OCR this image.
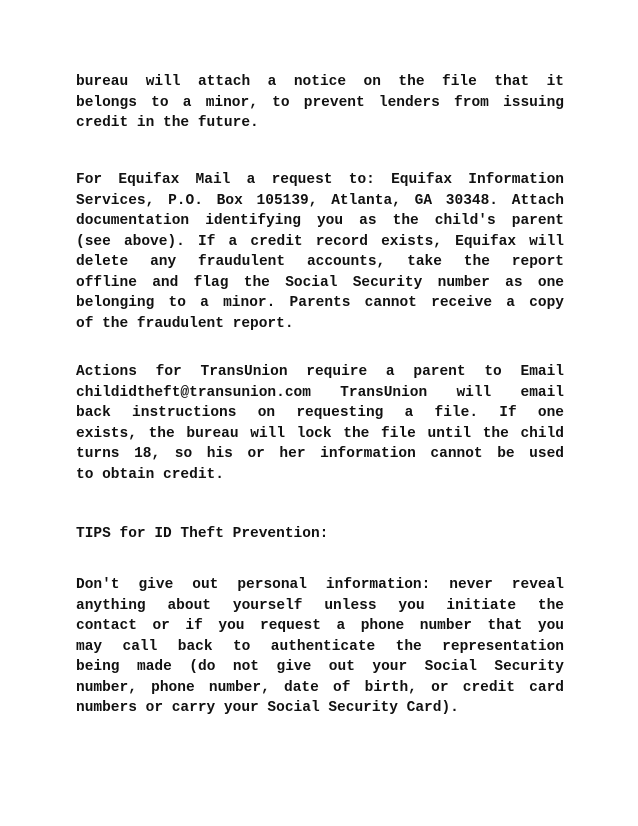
bureau will attach a notice on the file that it
belongs to a minor, to prevent lenders from issuing
credit in the future.
For Equifax Mail a request to: Equifax Information
Services, P.O. Box 105139, Atlanta, GA 30348. Attach
documentation identifying you as the child's parent
(see above). If a credit record exists, Equifax will
delete any fraudulent accounts, take the report
offline and flag the Social Security number as one
belonging to a minor. Parents cannot receive a copy
of the fraudulent report.
Actions for TransUnion require a parent to Email
childidtheft@transunion.com TransUnion will email
back instructions on requesting a file. If one
exists, the bureau will lock the file until the child
turns 18, so his or her information cannot be used
to obtain credit.
TIPS for ID Theft Prevention:
Don't give out personal information: never reveal
anything about yourself unless you initiate the
contact or if you request a phone number that you
may call back to authenticate the representation
being made (do not give out your Social Security
number, phone number, date of birth, or credit card
numbers or carry your Social Security Card).
